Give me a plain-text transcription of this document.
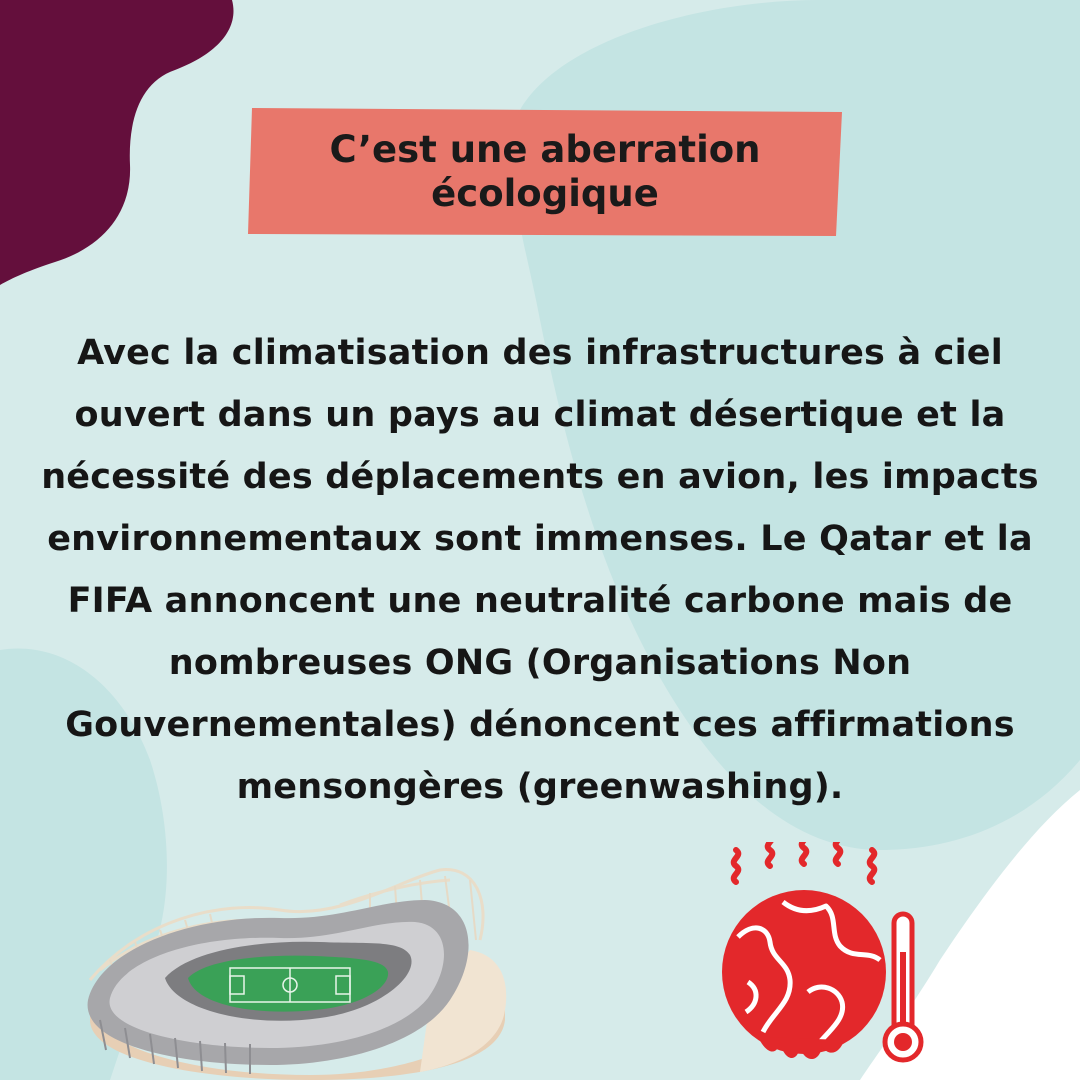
C’est une aberration écologique

Avec la climatisation des infrastructures à ciel ouvert dans un pays au climat désertique et la nécessité des déplacements en avion, les impacts environnementaux sont immenses. Le Qatar et la FIFA annoncent une neutralité carbone mais de nombreuses ONG (Organisations Non Gouvernementales) dénoncent ces affirmations mensongères (greenwashing).
